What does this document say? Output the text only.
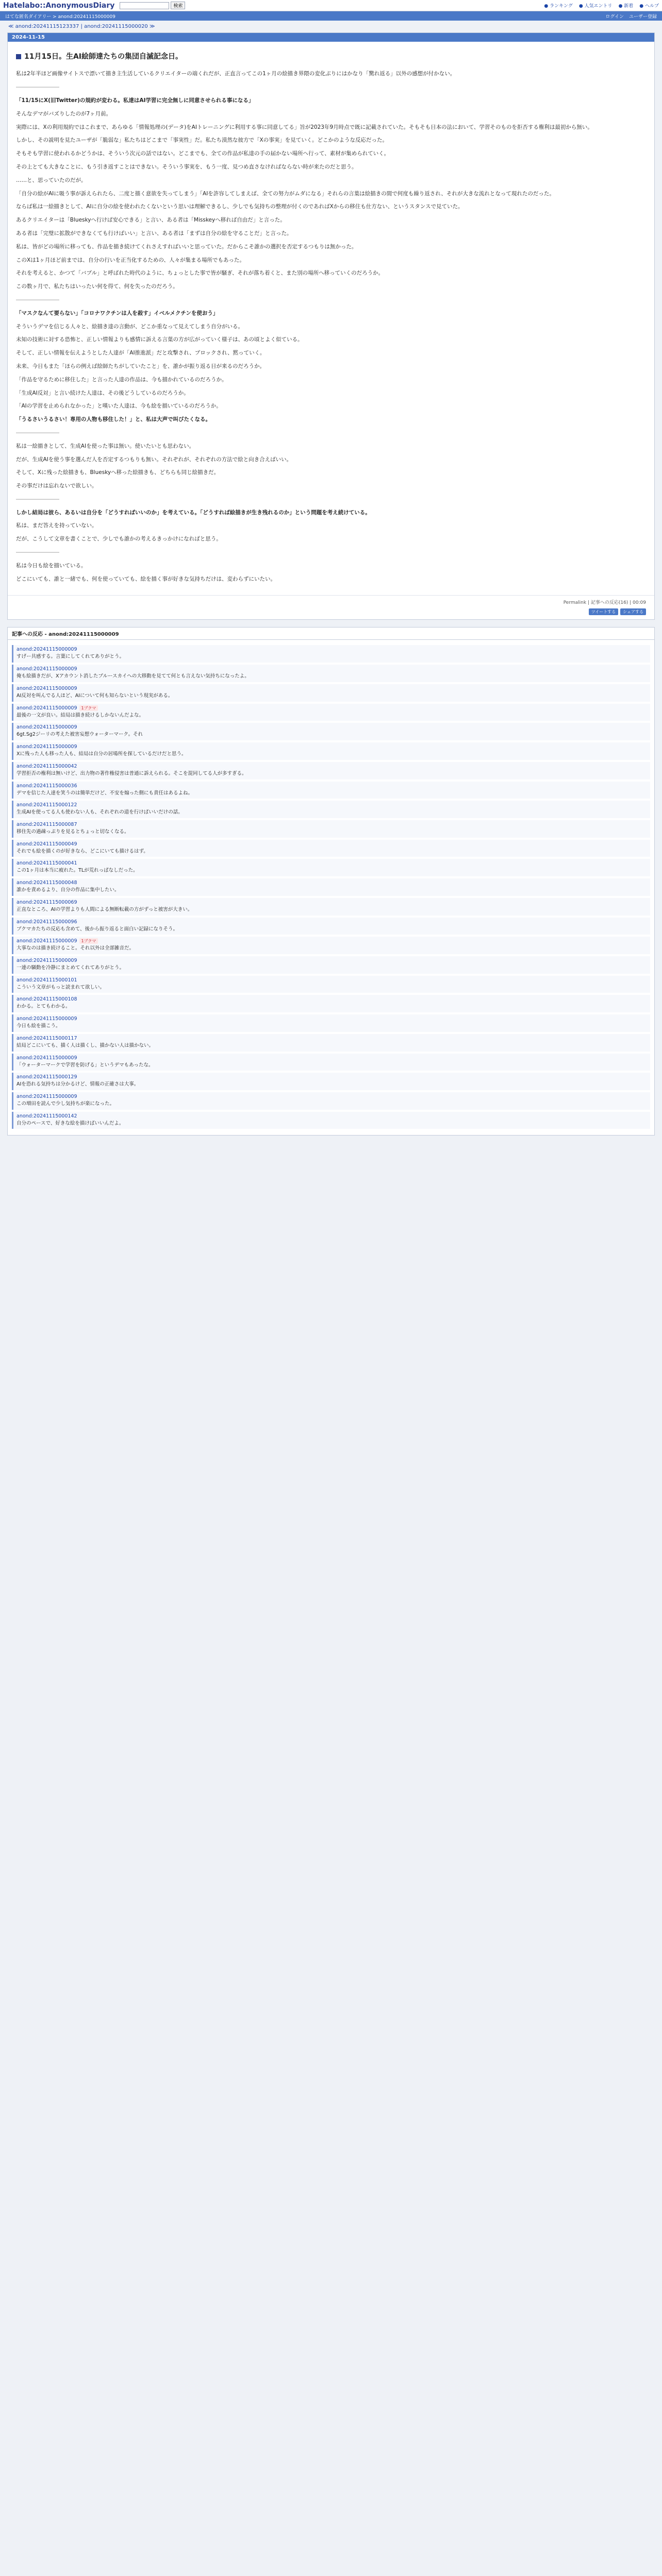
Hatelabo::AnonymousDiary	検索	● ランキング ● 人気エントリ ● 新着 ● ヘルプ
はてな匿名ダイアリー > anond:20241115000009	ログイン ユーザー登録
≪ anond:20241115123337 | anond:20241115000020 ≫
2024-11-15
11月15日。生AI絵師達たちの集団自滅記念日。

私は2年半ほど画像サイトスで漂いて描き主生活しているクリエイターの端くれだが、正直言ってこの1ヶ月の絵描き界隈の変化ぶりにはかなり「驚れ返る」以外の感想が付かない。

――――――――

「11/15にX(旧Twitter)の規約が変わる。私達はAI学習に完全無しに同意させられる事になる」

そんなデマがバズりしたのが7ヶ月前。

実際には、Xの利用規約ではこれまで、あらゆる「情報処理の(データ)をAIトレーニングに利用する事に同意してる」旨が2023年9月時点で既に記載されていた。そもそも日本の法において、学習そのものを拒否する権利は最初から無い。

しかし、その説明を見たユーザが「脆弱な」私たちはどこまで「事実性」だ。私たち漠然な彼方で「Xの事実」を見ていく。どこかのような反応だった。

そもそも学習に使われるかどうかは、そういう次元の話ではない。どこまでも、全ての作品が私達の手の届かない場所へ行って、素材が集められていく。

その上とても大きなことに、もう引き返すことはできない。そういう事実を、もう一度、見つめ直さなければならない時が来たのだと思う。

……と、思っていたのだが。

「自分の絵がAIに吸う事が訴えられたら、二度と描く意欲を失ってしまう」「AIを許容してしまえば、全ての努力がムダになる」それらの言葉は絵描きの間で何度も繰り返され、それが大きな流れとなって現れたのだった。

ならば私は一絵描きとして、AIに自分の絵を使われたくないという思いは理解できるし、少しでも気持ちの整理が付くのであればXからの移住も仕方ない、というスタンスで見ていた。

あるクリエイターは「Blueskyへ行けば安心できる」と言い、ある者は「Misskeyへ移れば自由だ」と言った。

ある者は「完璧に拡散ができなくても行けばいい」と言い、ある者は「まずは自分の絵を守ることだ」と言った。

私は、皆がどの場所に移っても、作品を描き続けてくれさえすればいいと思っていた。だからこそ誰かの選択を否定するつもりは無かった。

このXは1ヶ月ほど前までは、自分の行いを正当化するための、人々が集まる場所でもあった。

それを考えると、かつて「バブル」と呼ばれた時代のように、ちょっとした事で皆が騒ぎ、それが落ち着くと、また別の場所へ移っていくのだろうか。

この数ヶ月で、私たちはいったい何を得て、何を失ったのだろう。

――――――――

「マスクなんて要らない」「コロナワクチンは人を殺す」イベルメクチンを使おう」

そういうデマを信じる人々と、絵描き達の言動が、どこか重なって見えてしまう自分がいる。

未知の技術に対する恐怖と、正しい情報よりも感情に訴える言葉の方が広がっていく様子は、あの頃とよく似ている。

そして、正しい情報を伝えようとした人達が「AI推進派」だと攻撃され、ブロックされ、黙っていく。

未来、今日もまた「ほらの例えば絵師たちがしていたこと」を、誰かが振り返る日が来るのだろうか。

「作品を守るために移住した」と言った人達の作品は、今も描かれているのだろうか。

「生成AI反対」と言い続けた人達は、その後どうしているのだろうか。

「AIの学習を止められなかった」と嘆いた人達は、今も絵を描いているのだろうか。

「うるさいうるさい！専用の人物も移住した！」と、私は大声で叫びたくなる。

――――――――

私は一絵描きとして、生成AIを使った事は無い。使いたいとも思わない。

だが、生成AIを使う事を選んだ人を否定するつもりも無い。それぞれが、それぞれの方法で絵と向き合えばいい。

そして、Xに残った絵描きも、Blueskyへ移った絵描きも、どちらも同じ絵描きだ。

その事だけは忘れないで欲しい。

――――――――

しかし結局は彼ら、あるいは自分を「どうすればいいのか」を考えている。「どうすれば絵描きが生き残れるのか」という問題を考え続けている。

私は、まだ答えを持っていない。

だが、こうして文章を書くことで、少しでも誰かの考えるきっかけになればと思う。

――――――――

私は今日も絵を描いている。

どこにいても、誰と一緒でも、何を使っていても、絵を描く事が好きな気持ちだけは、変わらずにいたい。

Permalink | 記事への反応(16) | 00:09
ツイートする	シェアする
記事への反応 - anond:20241115000009
anond:20241115000009
すげー共感する。言葉にしてくれてありがとう。
anond:20241115000009
俺も絵描きだが、Xアカウント消したブルースカイへの大移動を見てて何とも言えない気持ちになったよ。
anond:20241115000009
AI反対を叫んでる人ほど、AIについて何も知らないという現実がある。
anond:20241115000009 1ブクマ
最後の一文が良い。結局は描き続けるしかないんだよな。
anond:20241115000009
6gt.Sg2ジーリの考えた被害妄想ウォーターマーク。それ
anond:20241115000009
Xに残った人も移った人も、結局は自分の居場所を探しているだけだと思う。
anond:20241115000042
学習拒否の権利は無いけど、出力物の著作権侵害は普通に訴えられる。そこを混同してる人が多すぎる。
anond:20241115000036
デマを信じた人達を笑うのは簡単だけど、不安を煽った側にも責任はあるよね。
anond:20241115000122
生成AIを使ってる人も使わない人も、それぞれの道を行けばいいだけの話。
anond:20241115000087
移住先の過疎っぷりを見るとちょっと切なくなる。
anond:20241115000049
それでも絵を描くのが好きなら、どこにいても描けるはず。
anond:20241115000041
この1ヶ月は本当に疲れた。TLが荒れっぱなしだった。
anond:20241115000048
誰かを責めるより、自分の作品に集中したい。
anond:20241115000069
正直なところ、AIの学習よりも人間による無断転載の方がずっと被害が大きい。
anond:20241115000096
ブクマカたちの反応も含めて、後から振り返ると面白い記録になりそう。
anond:20241115000009 1ブクマ
大事なのは描き続けること。それ以外は全部雑音だ。
anond:20241115000009
一連の騒動を冷静にまとめてくれてありがとう。
anond:20241115000101
こういう文章がもっと読まれて欲しい。
anond:20241115000108
わかる。とてもわかる。
anond:20241115000009
今日も絵を描こう。
anond:20241115000117
結局どこにいても、描く人は描くし、描かない人は描かない。
anond:20241115000009
「ウォーターマークで学習を防げる」というデマもあったな。
anond:20241115000129
AIを恐れる気持ちは分かるけど、情報の正確さは大事。
anond:20241115000009
この増田を読んで少し気持ちが楽になった。
anond:20241115000142
自分のペースで、好きな絵を描けばいいんだよ。
